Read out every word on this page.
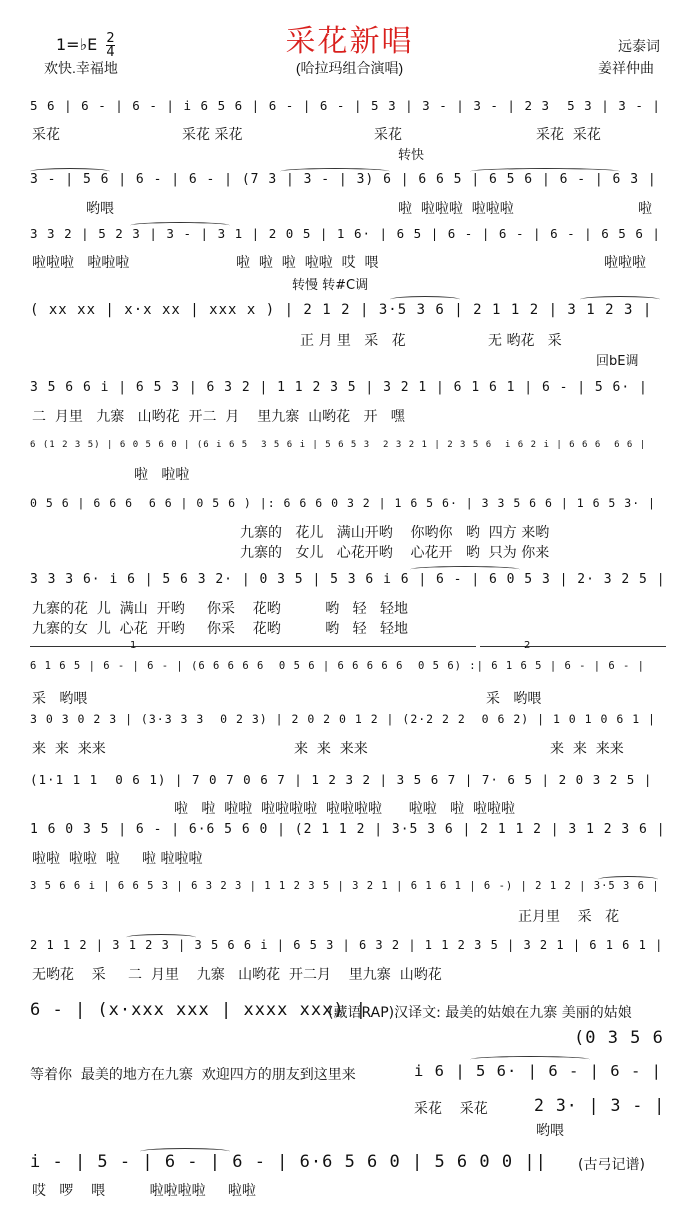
采花新唱
(哈拉玛组合演唱)
1=♭E $\frac{2}{4}$
欢快.幸福地
远泰词
姜祥仲曲
5 6 | 6 - | 6 - | i 6 5 6 | 6 - | 6 - | 5 3 | 3 - | 3 - | 2 3  5 3 | 3 - |
采花	采花 采花	采花	采花  采花
转快
3 - | 5 6 | 6 - | 6 - | (7 3 | 3 - | 3) 6 | 6 6 5 | 6 5 6 | 6 - | 6 3 |
哟喂	啦  啦啦啦  啦啦啦	啦
3 3 2 | 5 2 3 | 3 - | 3 1 | 2 0 5 | 1 6· | 6 5 | 6 - | 6 - | 6 - | 6 5 6 |
啦啦啦   啦啦啦	啦  啦  啦  啦啦  哎  喂	啦啦啦
转慢 转#C调
( xx xx | x·x xx | xxx x ) | 2 1 2 | 3·5 3 6 | 2 1 1 2 | 3 1 2 3 |
正 月 里   采   花	无 哟花   采
回bE调
3 5 6 6 i | 6 5 3 | 6 3 2 | 1 1 2 3 5 | 3 2 1 | 6 1 6 1 | 6 - | 5 6· |
二  月里   九寨   山哟花  开二  月    里九寨  山哟花   开   嘿
6 (1 2 3 5) | 6 0 5 6 0 | (6 i 6 5  3 5 6 i | 5 6 5 3  2 3 2 1 | 2 3 5 6  i 6 2 i | 6 6 6  6 6 |
啦   啦啦
0 5 6 | 6 6 6  6 6 | 0 5 6 ) |: 6 6 6 0 3 2 | 1 6 5 6· | 3 3 5 6 6 | 1 6 5 3· |
九寨的   花儿   满山开哟    你哟你   哟  四方 来哟
九寨的   女儿   心花开哟    心花开   哟  只为 你来
3 3 3 6· i 6 | 5 6 3 2· | 0 3 5 | 5 3 6 i 6 | 6 - | 6 0 5 3 | 2· 3 2 5 |
九寨的花  儿  满山  开哟     你采    花哟          哟   轻   轻地
九寨的女  儿  心花  开哟     你采    花哟          哟   轻   轻地
1	2
6 1 6 5 | 6 - | 6 - | (6 6 6 6 6  0 5 6 | 6 6 6 6 6  0 5 6) :| 6 1 6 5 | 6 - | 6 - |
采   哟喂	采   哟喂
3 0 3 0 2 3 | (3·3 3 3  0 2 3) | 2 0 2 0 1 2 | (2·2 2 2  0 6 2) | 1 0 1 0 6 1 |
来  来  来来	来  来  来来	来  来  来来
(1·1 1 1  0 6 1) | 7 0 7 0 6 7 | 1 2 3 2 | 3 5 6 7 | 7· 6 5 | 2 0 3 2 5 |
啦   啦  啦啦  啦啦啦啦  啦啦啦啦      啦啦   啦  啦啦啦
1 6 0 3 5 | 6 - | 6·6 5 6 0 | (2 1 1 2 | 3·5 3 6 | 2 1 1 2 | 3 1 2 3 6 |
啦啦  啦啦  啦     啦 啦啦啦
3 5 6 6 i | 6 6 5 3 | 6 3 2 3 | 1 1 2 3 5 | 3 2 1 | 6 1 6 1 | 6 -) | 2 1 2 | 3·5 3 6 |
正月里    采   花
2 1 1 2 | 3 1 2 3 | 3 5 6 6 i | 6 5 3 | 6 3 2 | 1 1 2 3 5 | 3 2 1 | 6 1 6 1 |
无哟花    采     二  月里    九寨   山哟花  开二月    里九寨  山哟花
6 - | (x·xxx xxx | xxxx xxx) |
(藏语RAP)汉译文: 最美的姑娘在九寨 美丽的姑娘
(0 3 5 6
等着你  最美的地方在九寨  欢迎四方的朋友到这里来	i 6 | 5 6· | 6 - | 6 - |
采花    采花	2 3· | 3 - |
哟喂
i - | 5 - | 6 - | 6 - | 6·6 5 6 0 | 5 6 0 0 ||
哎   啰    喂          啦啦啦啦     啦啦
(古弓记谱)
